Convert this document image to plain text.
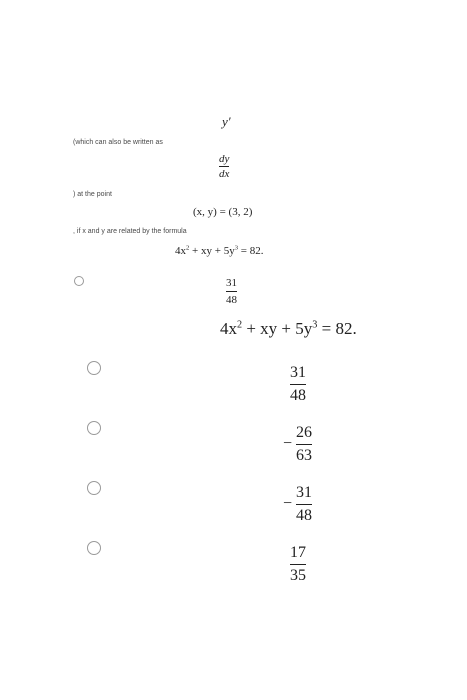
y′
(which can also be written as
dy
dx
) at the point
(x, y) = (3, 2)
, if x and y are related by the formula
$4x^2$ + xy + $5y^3 = 82$.
31
48
$4x^2$ + xy + $5y^3 = 82$.
31
48
−
26
63
−
31
48
17
35
